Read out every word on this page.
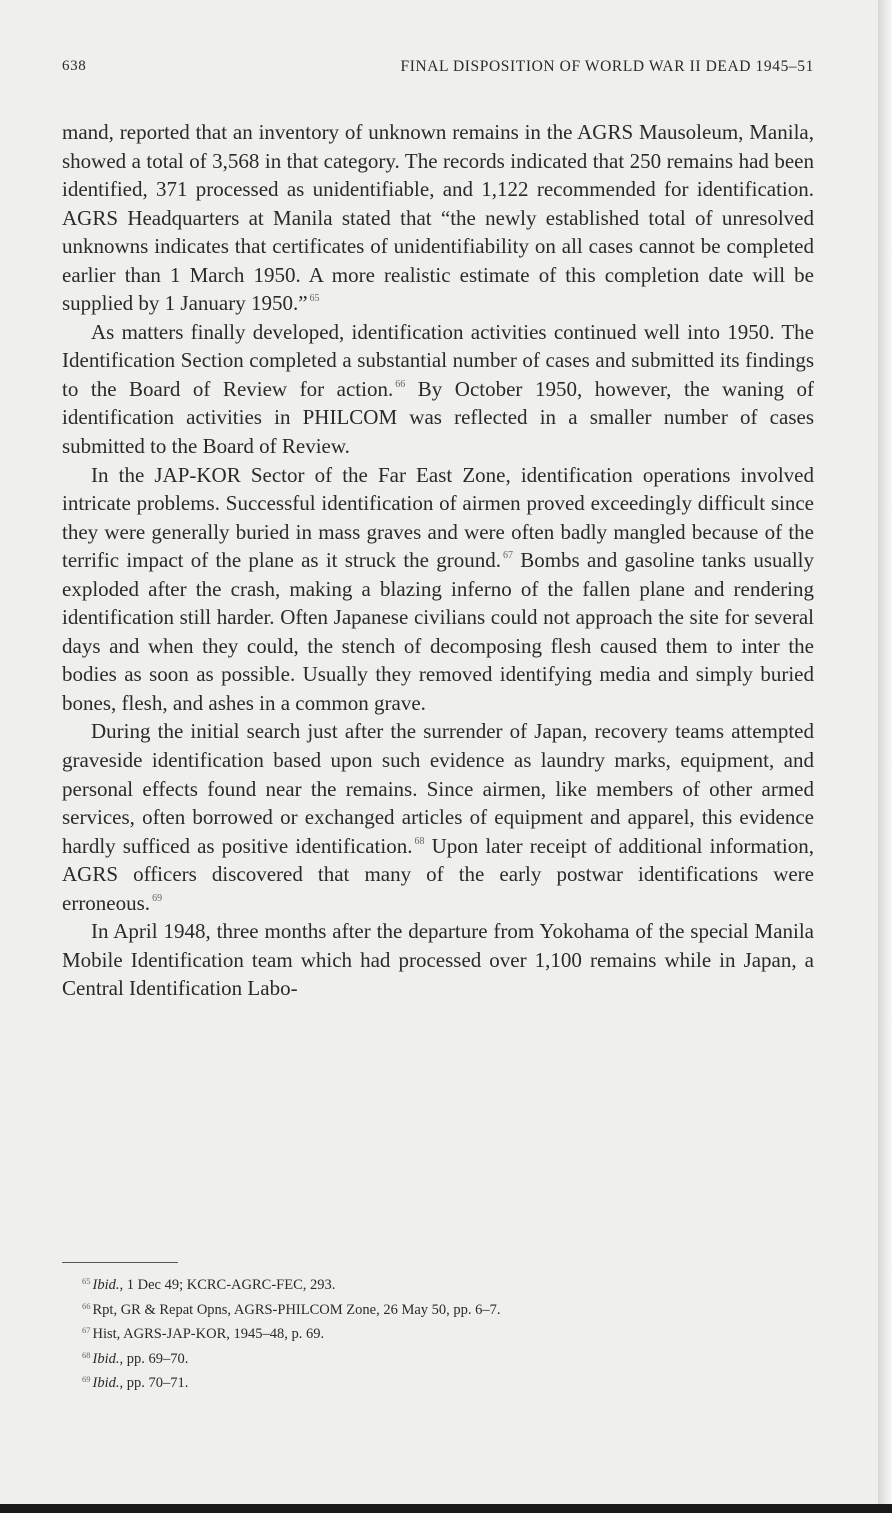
638	FINAL DISPOSITION OF WORLD WAR II DEAD 1945–51

mand, reported that an inventory of unknown remains in the AGRS Mausoleum, Manila, showed a total of 3,568 in that category. The records indicated that 250 remains had been identified, 371 processed as unidentifiable, and 1,122 recommended for identification. AGRS Headquarters at Manila stated that “the newly established total of unresolved unknowns indicates that certificates of unidentifiability on all cases cannot be completed earlier than 1 March 1950. A more realistic estimate of this completion date will be supplied by 1 January 1950.” $^{65}$

As matters finally developed, identification activities continued well into 1950. The Identification Section completed a substantial number of cases and submitted its findings to the Board of Review for action. $^{66}$ By October 1950, however, the waning of identification activities in PHILCOM was reflected in a smaller number of cases submitted to the Board of Review.

In the JAP-KOR Sector of the Far East Zone, identification operations involved intricate problems. Successful identification of airmen proved exceedingly difficult since they were generally buried in mass graves and were often badly mangled because of the terrific impact of the plane as it struck the ground. $^{67}$ Bombs and gasoline tanks usually exploded after the crash, making a blazing inferno of the fallen plane and rendering identification still harder. Often Japanese civilians could not approach the site for several days and when they could, the stench of decomposing flesh caused them to inter the bodies as soon as possible. Usually they removed identifying media and simply buried bones, flesh, and ashes in a common grave.

During the initial search just after the surrender of Japan, recovery teams attempted graveside identification based upon such evidence as laundry marks, equipment, and personal effects found near the remains. Since airmen, like members of other armed services, often borrowed or exchanged articles of equipment and apparel, this evidence hardly sufficed as positive identification. $^{68}$ Upon later receipt of additional information, AGRS officers discovered that many of the early postwar identifications were erroneous. $^{69}$

In April 1948, three months after the departure from Yokohama of the special Manila Mobile Identification team which had processed over 1,100 remains while in Japan, a Central Identification Labo-

$^{65}$ Ibid., 1 Dec 49; KCRC-AGRC-FEC, 293.
$^{66}$ Rpt, GR & Repat Opns, AGRS-PHILCOM Zone, 26 May 50, pp. 6–7.
$^{67}$ Hist, AGRS-JAP-KOR, 1945–48, p. 69.
$^{68}$ Ibid., pp. 69–70.
$^{69}$ Ibid., pp. 70–71.
